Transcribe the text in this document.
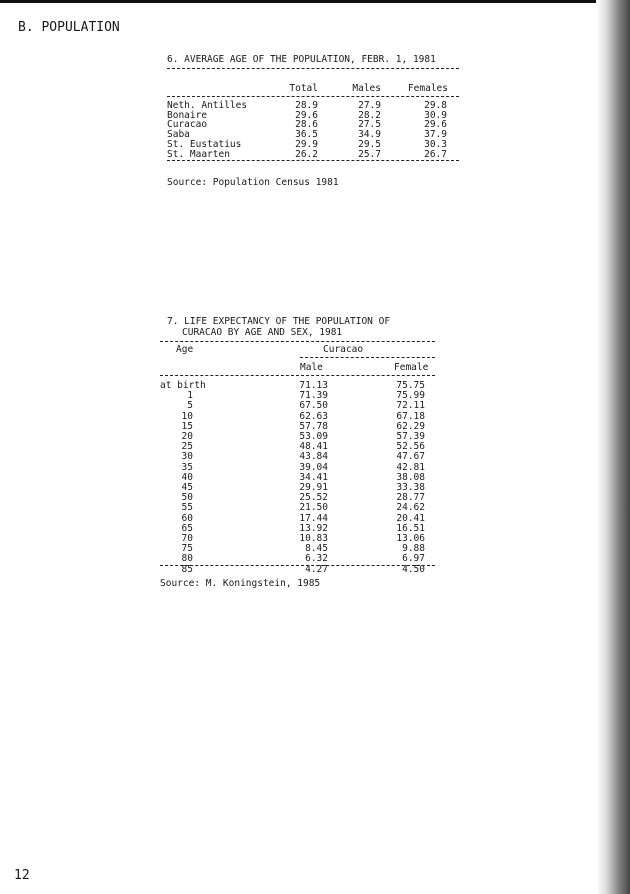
B. POPULATION
6. AVERAGE AGE OF THE POPULATION, FEBR. 1, 1981
Total	Males	Females
Neth. Antilles	28.9	27.9	29.8
Bonaire	29.6	28.2	30.9
Curacao	28.6	27.5	29.6
Saba	36.5	34.9	37.9
St. Eustatius	29.9	29.5	30.3
St. Maarten	26.2	25.7	26.7
Source: Population Census 1981
7. LIFE EXPECTANCY OF THE POPULATION OF
CURACAO BY AGE AND SEX, 1981
Age	Curacao
Male	Female
at birth	71.13	75.75
1	71.39	75.99
5	67.50	72.11
10	62.63	67.18
15	57.78	62.29
20	53.09	57.39
25	48.41	52.56
30	43.84	47.67
35	39.04	42.81
40	34.41	38.08
45	29.91	33.38
50	25.52	28.77
55	21.50	24.62
60	17.44	20.41
65	13.92	16.51
70	10.83	13.06
75	8.45	9.88
80	6.32	6.97
85	4.27	4.50
Source: M. Koningstein, 1985
12
